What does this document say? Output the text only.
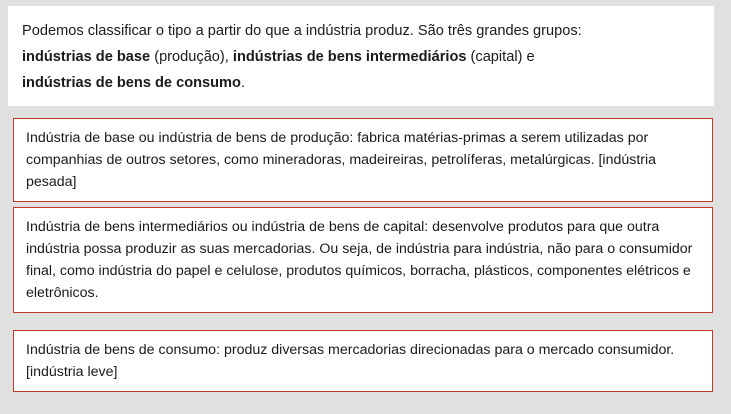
Podemos classificar o tipo a partir do que a indústria produz. São três grandes grupos:
indústrias de base (produção), indústrias de bens intermediários (capital) e
indústrias de bens de consumo.

Indústria de base ou indústria de bens de produção: fabrica matérias-primas a serem utilizadas por companhias de outros setores, como mineradoras, madeireiras, petrolíferas, metalúrgicas. [indústria pesada]

Indústria de bens intermediários ou indústria de bens de capital: desenvolve produtos para que outra indústria possa produzir as suas mercadorias. Ou seja, de indústria para indústria, não para o consumidor final, como indústria do papel e celulose, produtos químicos, borracha, plásticos, componentes elétricos e eletrônicos.

Indústria de bens de consumo: produz diversas mercadorias direcionadas para o mercado consumidor. [indústria leve]
